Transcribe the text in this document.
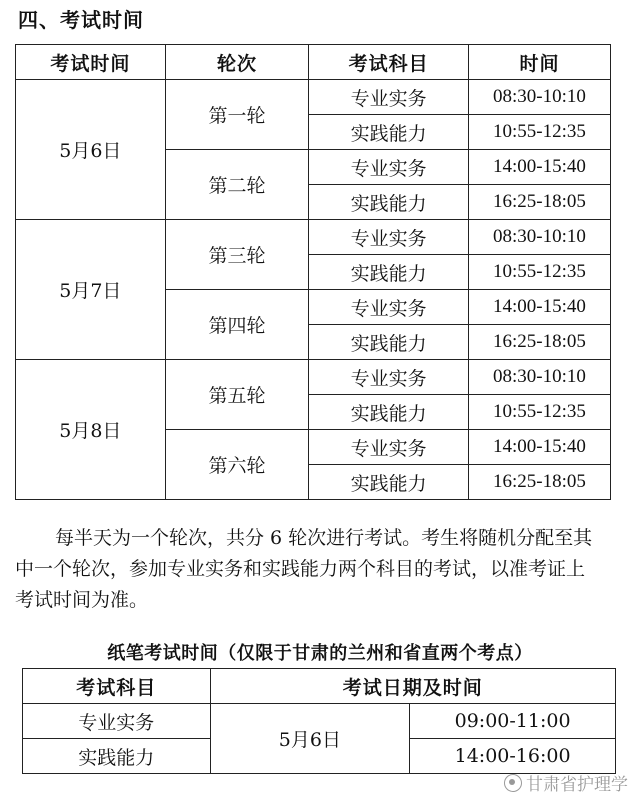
四、考试时间
考试时间	轮次	考试科目	时间
5月6日	第一轮	专业实务	08:30-10:10
		实践能力	10:55-12:35
	第二轮	专业实务	14:00-15:40
		实践能力	16:25-18:05
5月7日	第三轮	专业实务	08:30-10:10
		实践能力	10:55-12:35
	第四轮	专业实务	14:00-15:40
		实践能力	16:25-18:05
5月8日	第五轮	专业实务	08:30-10:10
		实践能力	10:55-12:35
	第六轮	专业实务	14:00-15:40
		实践能力	16:25-18:05
每半天为一个轮次，共分 6 轮次进行考试。考生将随机分配至其
中一个轮次，参加专业实务和实践能力两个科目的考试，以准考证上
考试时间为准。
纸笔考试时间（仅限于甘肃的兰州和省直两个考点）
考试科目	考试日期及时间	
专业实务	5月6日	09:00-11:00
实践能力		14:00-16:00
甘肃省护理学
